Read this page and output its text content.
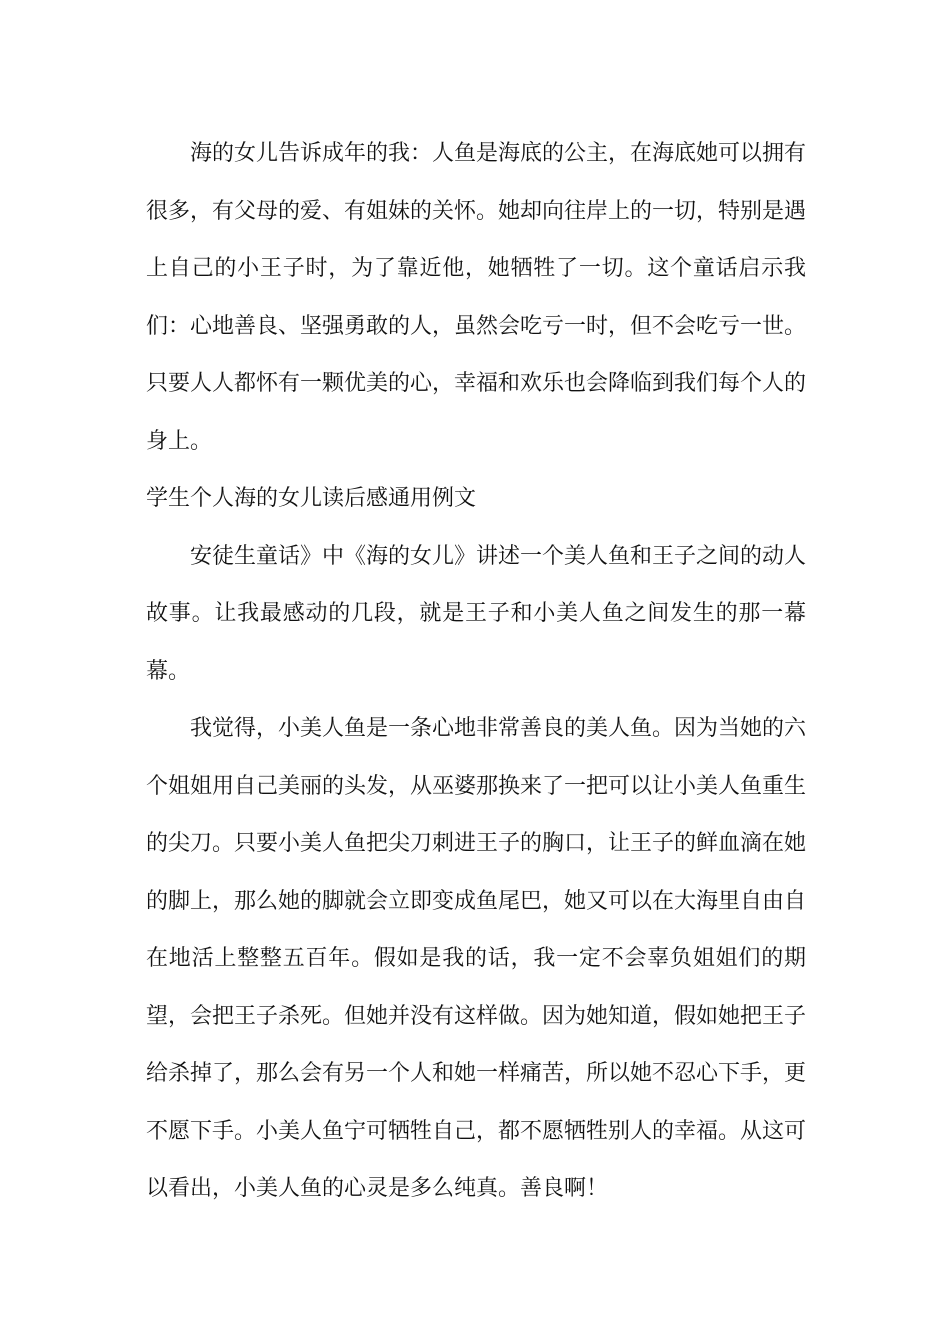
海的女儿告诉成年的我：人鱼是海底的公主，在海底她可以拥有很多，有父母的爱、有姐妹的关怀。她却向往岸上的一切，特别是遇上自己的小王子时，为了靠近他，她牺牲了一切。这个童话启示我们：心地善良、坚强勇敢的人，虽然会吃亏一时，但不会吃亏一世。只要人人都怀有一颗优美的心，幸福和欢乐也会降临到我们每个人的身上。

学生个人海的女儿读后感通用例文

安徒生童话》中《海的女儿》讲述一个美人鱼和王子之间的动人故事。让我最感动的几段，就是王子和小美人鱼之间发生的那一幕幕。

我觉得，小美人鱼是一条心地非常善良的美人鱼。因为当她的六个姐姐用自己美丽的头发，从巫婆那换来了一把可以让小美人鱼重生的尖刀。只要小美人鱼把尖刀刺进王子的胸口，让王子的鲜血滴在她的脚上，那么她的脚就会立即变成鱼尾巴，她又可以在大海里自由自在地活上整整五百年。假如是我的话，我一定不会辜负姐姐们的期望，会把王子杀死。但她并没有这样做。因为她知道，假如她把王子给杀掉了，那么会有另一个人和她一样痛苦，所以她不忍心下手，更不愿下手。小美人鱼宁可牺牲自己，都不愿牺牲别人的幸福。从这可以看出，小美人鱼的心灵是多么纯真。善良啊！
